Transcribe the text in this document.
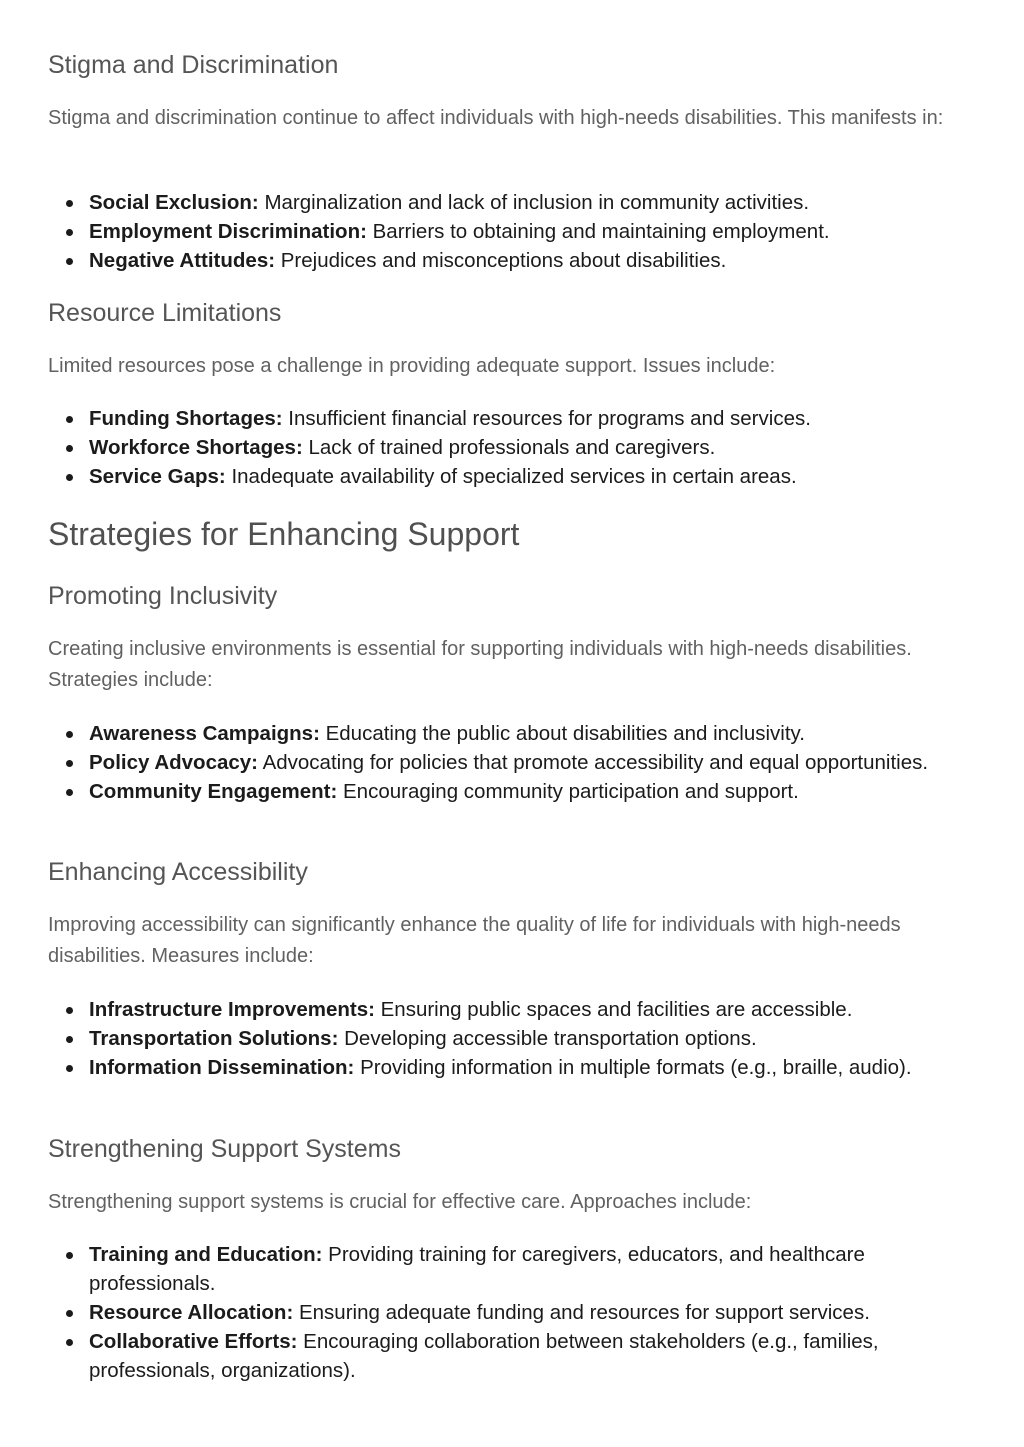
Stigma and Discrimination

Stigma and discrimination continue to affect individuals with high-needs disabilities. This manifests in:

Social Exclusion: Marginalization and lack of inclusion in community activities.
Employment Discrimination: Barriers to obtaining and maintaining employment.
Negative Attitudes: Prejudices and misconceptions about disabilities.
Resource Limitations

Limited resources pose a challenge in providing adequate support. Issues include:

Funding Shortages: Insufficient financial resources for programs and services.
Workforce Shortages: Lack of trained professionals and caregivers.
Service Gaps: Inadequate availability of specialized services in certain areas.
Strategies for Enhancing Support
Promoting Inclusivity

Creating inclusive environments is essential for supporting individuals with high-needs disabilities. Strategies include:

Awareness Campaigns: Educating the public about disabilities and inclusivity.
Policy Advocacy: Advocating for policies that promote accessibility and equal opportunities.
Community Engagement: Encouraging community participation and support.
Enhancing Accessibility

Improving accessibility can significantly enhance the quality of life for individuals with high-needs disabilities. Measures include:

Infrastructure Improvements: Ensuring public spaces and facilities are accessible.
Transportation Solutions: Developing accessible transportation options.
Information Dissemination: Providing information in multiple formats (e.g., braille, audio).
Strengthening Support Systems

Strengthening support systems is crucial for effective care. Approaches include:

Training and Education: Providing training for caregivers, educators, and healthcare professionals.
Resource Allocation: Ensuring adequate funding and resources for support services.
Collaborative Efforts: Encouraging collaboration between stakeholders (e.g., families, professionals, organizations).
